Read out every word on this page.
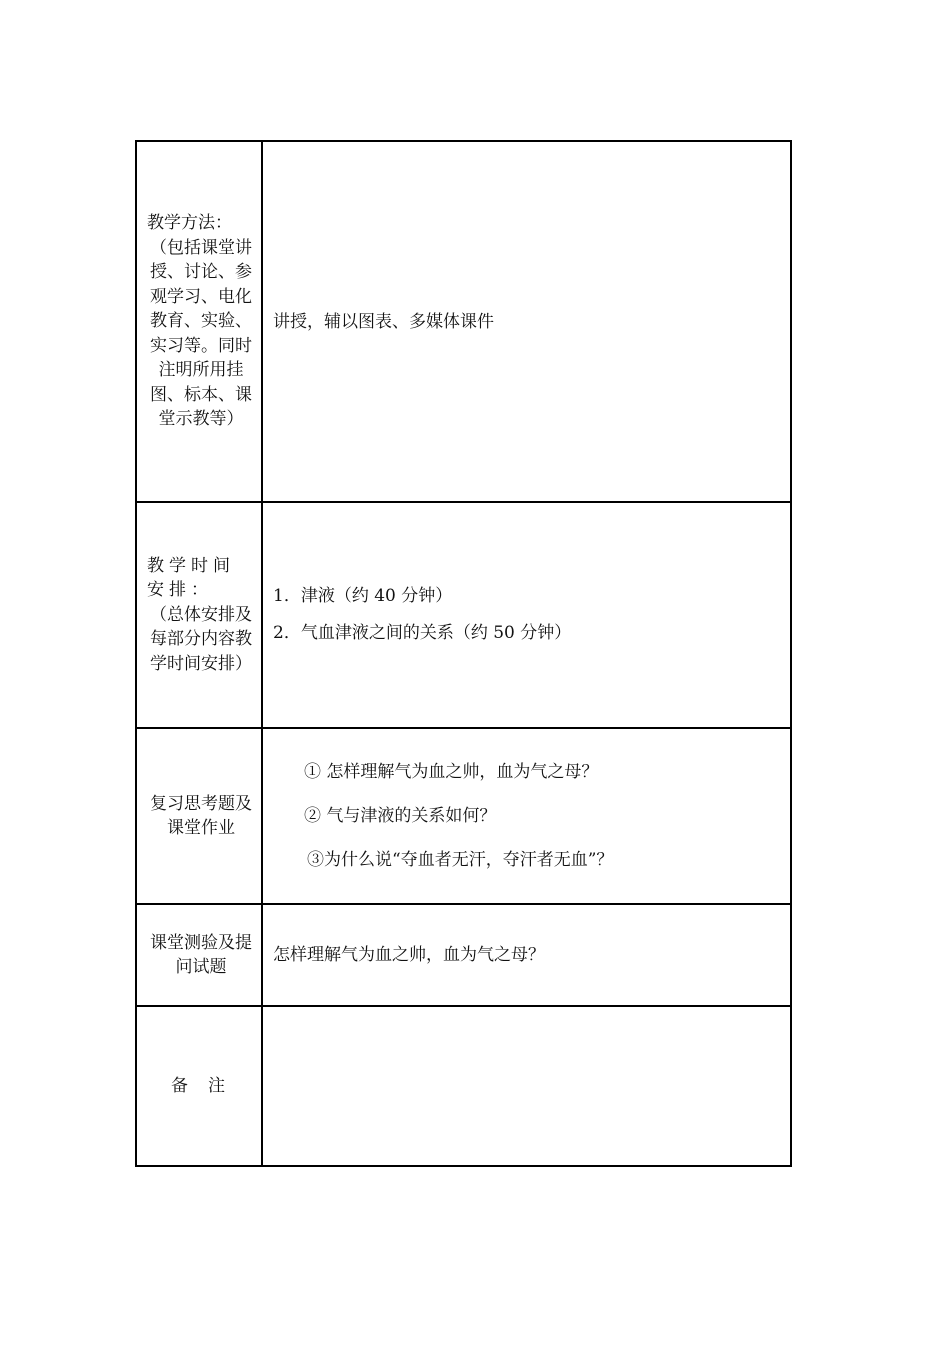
教学方法：
（包括课堂讲授、讨论、参观学习、电化教育、实验、实习等。同时注明所用挂图、标本、课堂示教等）	讲授，辅以图表、多媒体课件

教学时间安排：
（总体安排及每部分内容教学时间安排）	1．津液（约 40 分钟）
2．气血津液之间的关系（约 50 分钟）

复习思考题及课堂作业	① 怎样理解气为血之帅，血为气之母？
② 气与津液的关系如何？
③为什么说“夺血者无汗，夺汗者无血”？

课堂测验及提问试题	怎样理解气为血之帅，血为气之母？

备注	
